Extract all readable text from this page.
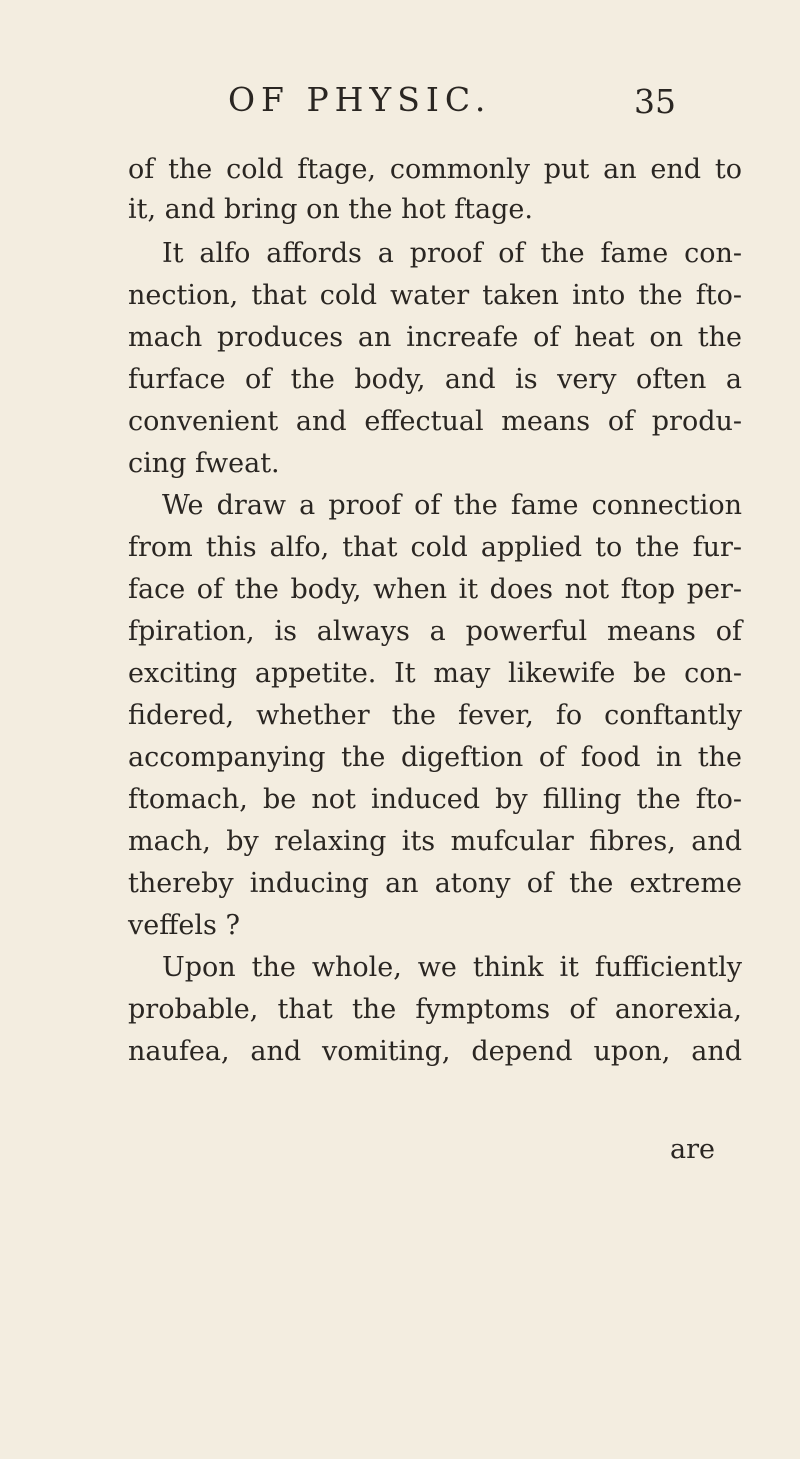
OF PHYSIC.	35
of the cold ftage, commonly put an end to
it, and bring on the hot ftage.
It alfo affords a proof of the fame con-
nection, that cold water taken into the fto-
mach produces an increafe of heat on the
furface of the body, and is very often a
convenient and effectual means of produ-
cing fweat.
We draw a proof of the fame connection
from this alfo, that cold applied to the fur-
face of the body, when it does not ftop per-
fpiration, is always a powerful means of
exciting appetite. It may likewife be con-
fidered, whether the fever, fo conftantly
accompanying the digeftion of food in the
ftomach, be not induced by filling the fto-
mach, by relaxing its mufcular fibres, and
thereby inducing an atony of the extreme
veffels ?
Upon the whole, we think it fufficiently
probable, that the fymptoms of anorexia,
naufea, and vomiting, depend upon, and
are
